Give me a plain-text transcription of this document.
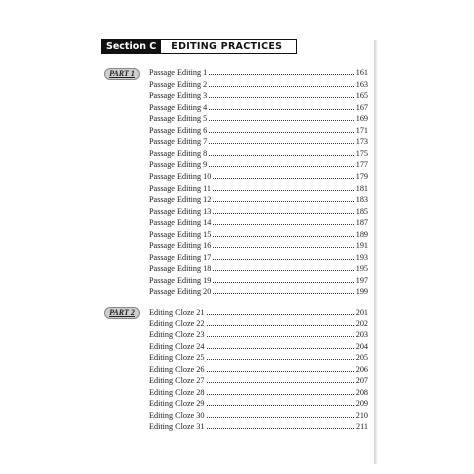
Section C	EDITING PRACTICES
PART 1	Passage Editing 1	161
Passage Editing 2	163
Passage Editing 3	165
Passage Editing 4	167
Passage Editing 5	169
Passage Editing 6	171
Passage Editing 7	173
Passage Editing 8	175
Passage Editing 9	177
Passage Editing 10	179
Passage Editing 11	181
Passage Editing 12	183
Passage Editing 13	185
Passage Editing 14	187
Passage Editing 15	189
Passage Editing 16	191
Passage Editing 17	193
Passage Editing 18	195
Passage Editing 19	197
Passage Editing 20	199
PART 2	Editing Cloze 21	201
Editing Cloze 22	202
Editing Cloze 23	203
Editing Cloze 24	204
Editing Cloze 25	205
Editing Cloze 26	206
Editing Cloze 27	207
Editing Cloze 28	208
Editing Cloze 29	209
Editing Cloze 30	210
Editing Cloze 31	211
